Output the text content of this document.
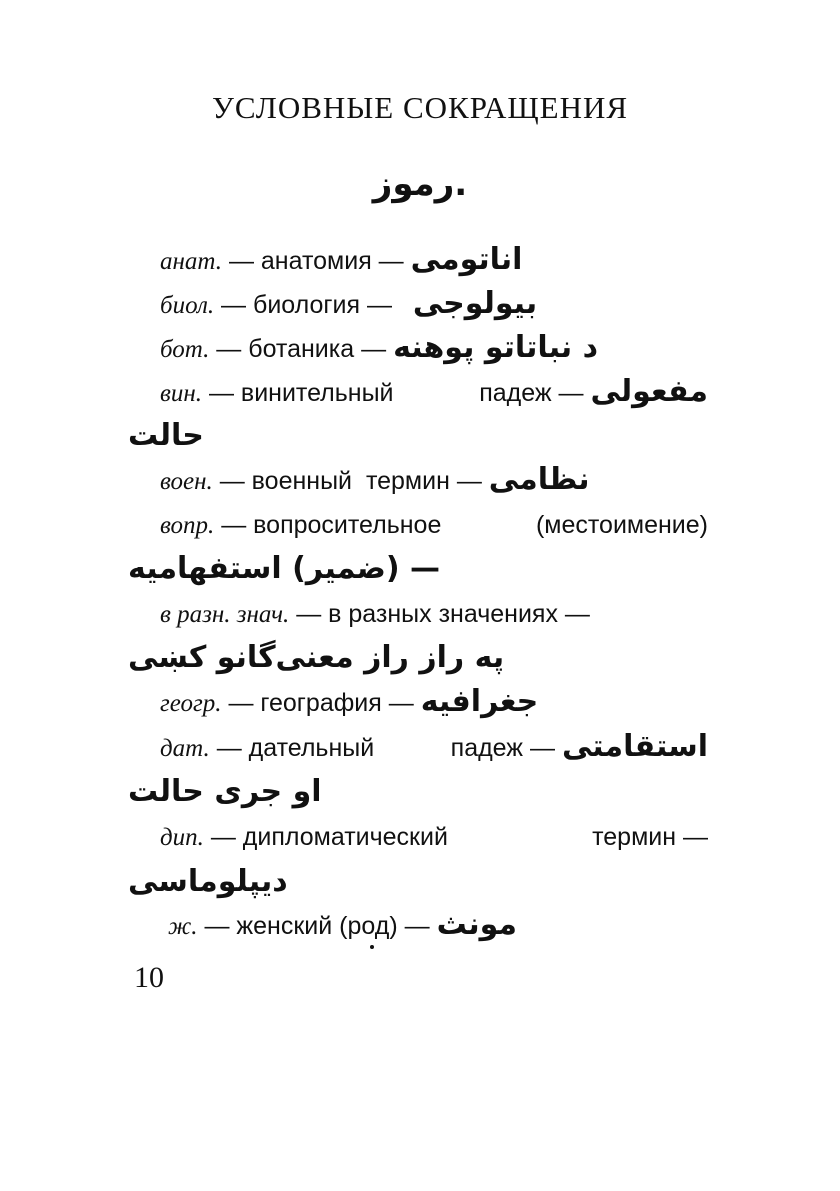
УСЛОВНЫЕ СОКРАЩЕНИЯ
رموز.
анат. — анатомия — اناتومی
биол. — биология — بیولوجی
бот. — ботаника — د نباتاتو پوهنه
вин. — винительный	падеж — مفعولی
حالت
воен. — военный термин — نظامی
вопр. — вопросительное	(местоимение)
— (ضمیر) استفهامیه
в разн. знач. — в разных значениях —
په راز راز معنی‌گانو کښی
геогр. — география — جغرافیه
дат. — дательный	падеж — استقامتی
او جری حالت
дип. — дипломатический	термин —
دیپلوماسی
ж. — женский (род) — مونث
10
